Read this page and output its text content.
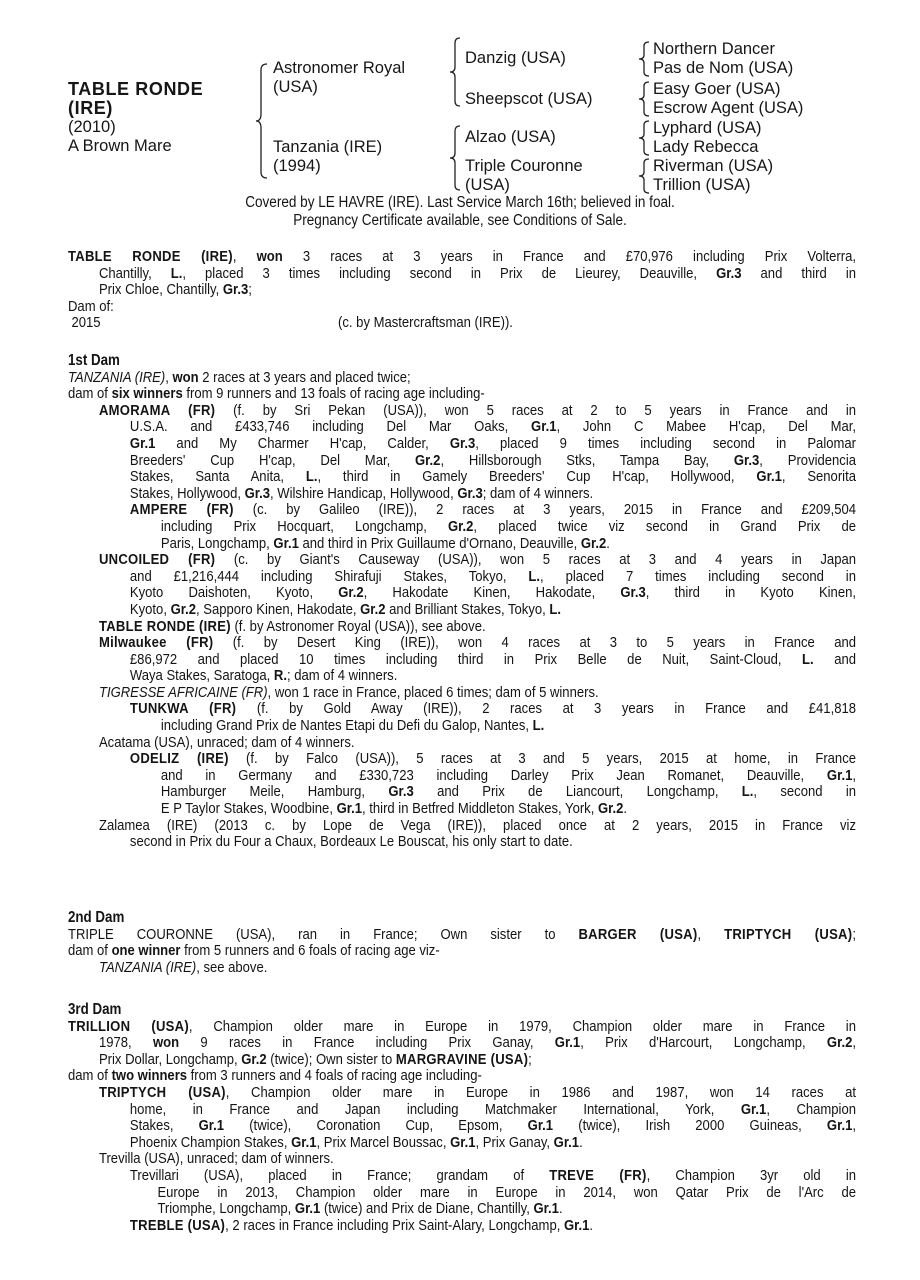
TABLE RONDE
(IRE)
(2010)
A Brown Mare
Astronomer Royal
(USA)
Tanzania (IRE)
(1994)
Danzig (USA)
Sheepscot (USA)
Alzao (USA)
Triple Couronne
(USA)
Northern Dancer
Pas de Nom (USA)
Easy Goer (USA)
Escrow Agent (USA)
Lyphard (USA)
Lady Rebecca
Riverman (USA)
Trillion (USA)
Covered by LE HAVRE (IRE). Last Service March 16th; believed in foal.
Pregnancy Certificate available, see Conditions of Sale.
TABLE RONDE (IRE), won 3 races at 3 years in France and £70,976 including Prix Volterra,
Chantilly, L., placed 3 times including second in Prix de Lieurey, Deauville, Gr.3 and third in
Prix Chloe, Chantilly, Gr.3;
Dam of:
2015	(c. by Mastercraftsman (IRE)).
1st Dam
TANZANIA (IRE), won 2 races at 3 years and placed twice;
dam of six winners from 9 runners and 13 foals of racing age including-
AMORAMA (FR) (f. by Sri Pekan (USA)), won 5 races at 2 to 5 years in France and in
U.S.A. and £433,746 including Del Mar Oaks, Gr.1, John C Mabee H'cap, Del Mar,
Gr.1 and My Charmer H'cap, Calder, Gr.3, placed 9 times including second in Palomar
Breeders' Cup H'cap, Del Mar, Gr.2, Hillsborough Stks, Tampa Bay, Gr.3, Providencia
Stakes, Santa Anita, L., third in Gamely Breeders' Cup H'cap, Hollywood, Gr.1, Senorita
Stakes, Hollywood, Gr.3, Wilshire Handicap, Hollywood, Gr.3; dam of 4 winners.
AMPERE (FR) (c. by Galileo (IRE)), 2 races at 3 years, 2015 in France and £209,504
including Prix Hocquart, Longchamp, Gr.2, placed twice viz second in Grand Prix de
Paris, Longchamp, Gr.1 and third in Prix Guillaume d'Ornano, Deauville, Gr.2.
UNCOILED (FR) (c. by Giant's Causeway (USA)), won 5 races at 3 and 4 years in Japan
and £1,216,444 including Shirafuji Stakes, Tokyo, L., placed 7 times including second in
Kyoto Daishoten, Kyoto, Gr.2, Hakodate Kinen, Hakodate, Gr.3, third in Kyoto Kinen,
Kyoto, Gr.2, Sapporo Kinen, Hakodate, Gr.2 and Brilliant Stakes, Tokyo, L.
TABLE RONDE (IRE) (f. by Astronomer Royal (USA)), see above.
Milwaukee (FR) (f. by Desert King (IRE)), won 4 races at 3 to 5 years in France and
£86,972 and placed 10 times including third in Prix Belle de Nuit, Saint-Cloud, L. and
Waya Stakes, Saratoga, R.; dam of 4 winners.
TIGRESSE AFRICAINE (FR), won 1 race in France, placed 6 times; dam of 5 winners.
TUNKWA (FR) (f. by Gold Away (IRE)), 2 races at 3 years in France and £41,818
including Grand Prix de Nantes Etapi du Defi du Galop, Nantes, L.
Acatama (USA), unraced; dam of 4 winners.
ODELIZ (IRE) (f. by Falco (USA)), 5 races at 3 and 5 years, 2015 at home, in France
and in Germany and £330,723 including Darley Prix Jean Romanet, Deauville, Gr.1,
Hamburger Meile, Hamburg, Gr.3 and Prix de Liancourt, Longchamp, L., second in
E P Taylor Stakes, Woodbine, Gr.1, third in Betfred Middleton Stakes, York, Gr.2.
Zalamea (IRE) (2013 c. by Lope de Vega (IRE)), placed once at 2 years, 2015 in France viz
second in Prix du Four a Chaux, Bordeaux Le Bouscat, his only start to date.
2nd Dam
TRIPLE COURONNE (USA), ran in France; Own sister to BARGER (USA), TRIPTYCH (USA);
dam of one winner from 5 runners and 6 foals of racing age viz-
TANZANIA (IRE), see above.
3rd Dam
TRILLION (USA), Champion older mare in Europe in 1979, Champion older mare in France in
1978, won 9 races in France including Prix Ganay, Gr.1, Prix d'Harcourt, Longchamp, Gr.2,
Prix Dollar, Longchamp, Gr.2 (twice); Own sister to MARGRAVINE (USA);
dam of two winners from 3 runners and 4 foals of racing age including-
TRIPTYCH (USA), Champion older mare in Europe in 1986 and 1987, won 14 races at
home, in France and Japan including Matchmaker International, York, Gr.1, Champion
Stakes, Gr.1 (twice), Coronation Cup, Epsom, Gr.1 (twice), Irish 2000 Guineas, Gr.1,
Phoenix Champion Stakes, Gr.1, Prix Marcel Boussac, Gr.1, Prix Ganay, Gr.1.
Trevilla (USA), unraced; dam of winners.
Trevillari (USA), placed in France; grandam of TREVE (FR), Champion 3yr old in
Europe in 2013, Champion older mare in Europe in 2014, won Qatar Prix de l'Arc de
Triomphe, Longchamp, Gr.1 (twice) and Prix de Diane, Chantilly, Gr.1.
TREBLE (USA), 2 races in France including Prix Saint-Alary, Longchamp, Gr.1.
